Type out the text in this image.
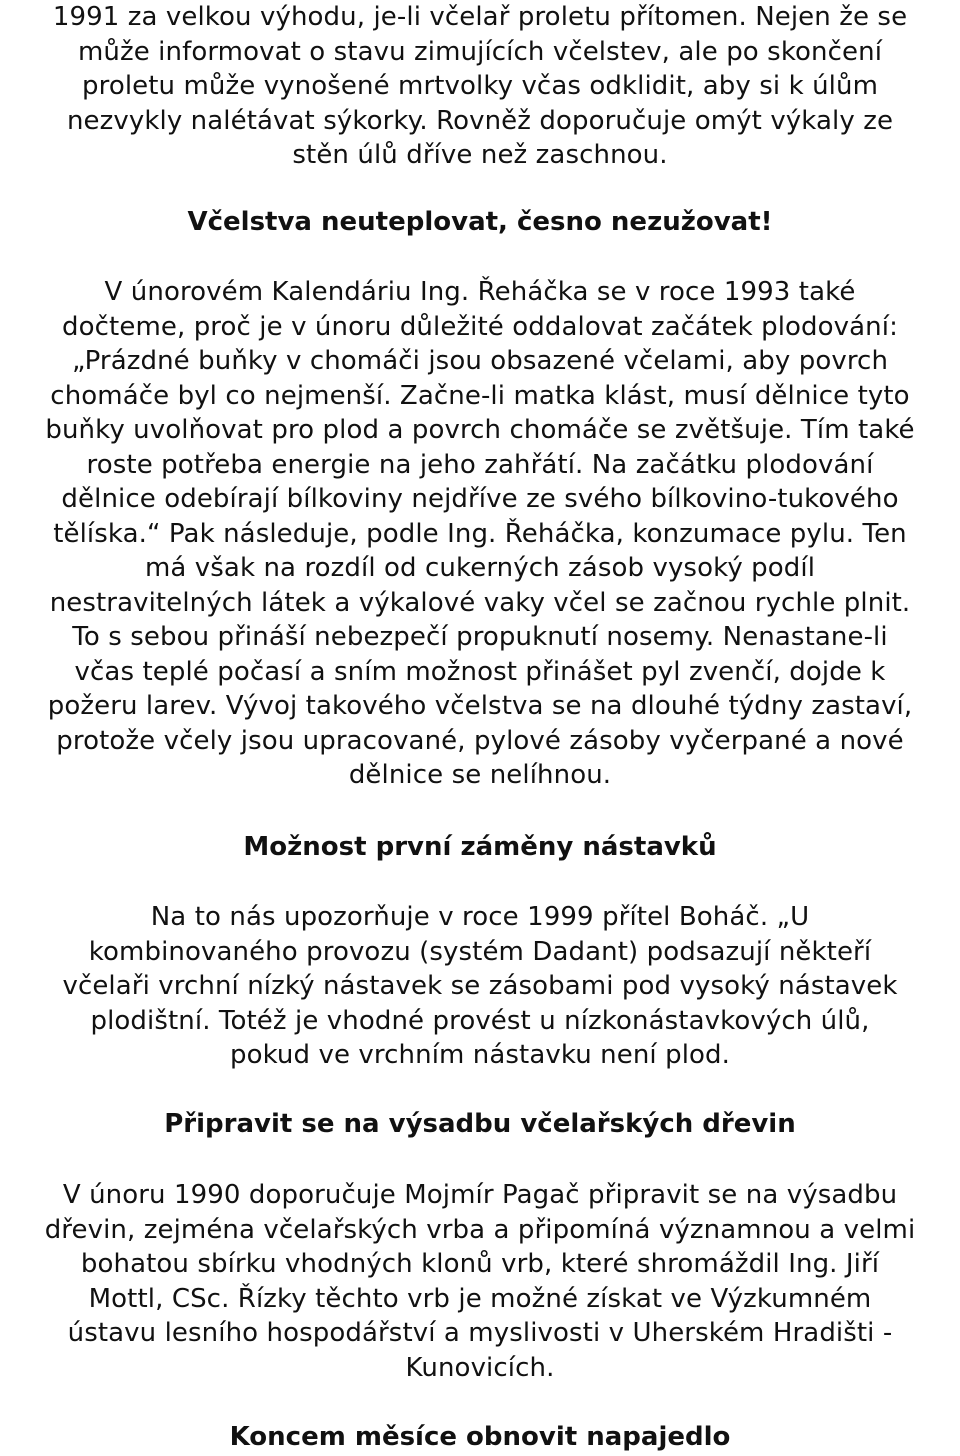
1991 za velkou výhodu, je-li včelař proletu přítomen. Nejen že se
může informovat o stavu zimujících včelstev, ale po skončení
proletu může vynošené mrtvolky včas odklidit, aby si k úlům
nezvykly nalétávat sýkorky. Rovněž doporučuje omýt výkaly ze
stěn úlů dříve než zaschnou.

Včelstva neuteplovat, česno nezužovat!

V únorovém Kalendáriu Ing. Řeháčka se v roce 1993 také
dočteme, proč je v únoru důležité oddalovat začátek plodování:
„Prázdné buňky v chomáči jsou obsazené včelami, aby povrch
chomáče byl co nejmenší. Začne-li matka klást, musí dělnice tyto
buňky uvolňovat pro plod a povrch chomáče se zvětšuje. Tím také
roste potřeba energie na jeho zahřátí. Na začátku plodování
dělnice odebírají bílkoviny nejdříve ze svého bílkovino-tukového
tělíska.“ Pak následuje, podle Ing. Řeháčka, konzumace pylu. Ten
má však na rozdíl od cukerných zásob vysoký podíl
nestravitelných látek a výkalové vaky včel se začnou rychle plnit.
To s sebou přináší nebezpečí propuknutí nosemy. Nenastane-li
včas teplé počasí a sním možnost přinášet pyl zvenčí, dojde k
požeru larev. Vývoj takového včelstva se na dlouhé týdny zastaví,
protože včely jsou upracované, pylové zásoby vyčerpané a nové
dělnice se nelíhnou.

Možnost první záměny nástavků

Na to nás upozorňuje v roce 1999 přítel Boháč. „U
kombinovaného provozu (systém Dadant) podsazují někteří
včelaři vrchní nízký nástavek se zásobami pod vysoký nástavek
plodištní. Totéž je vhodné provést u nízkonástavkových úlů,
pokud ve vrchním nástavku není plod.

Připravit se na výsadbu včelařských dřevin

V únoru 1990 doporučuje Mojmír Pagač připravit se na výsadbu
dřevin, zejména včelařských vrba a připomíná významnou a velmi
bohatou sbírku vhodných klonů vrb, které shromáždil Ing. Jiří
Mottl, CSc. Řízky těchto vrb je možné získat ve Výzkumném
ústavu lesního hospodářství a myslivosti v Uherském Hradišti -
Kunovicích.

Koncem měsíce obnovit napajedlo
